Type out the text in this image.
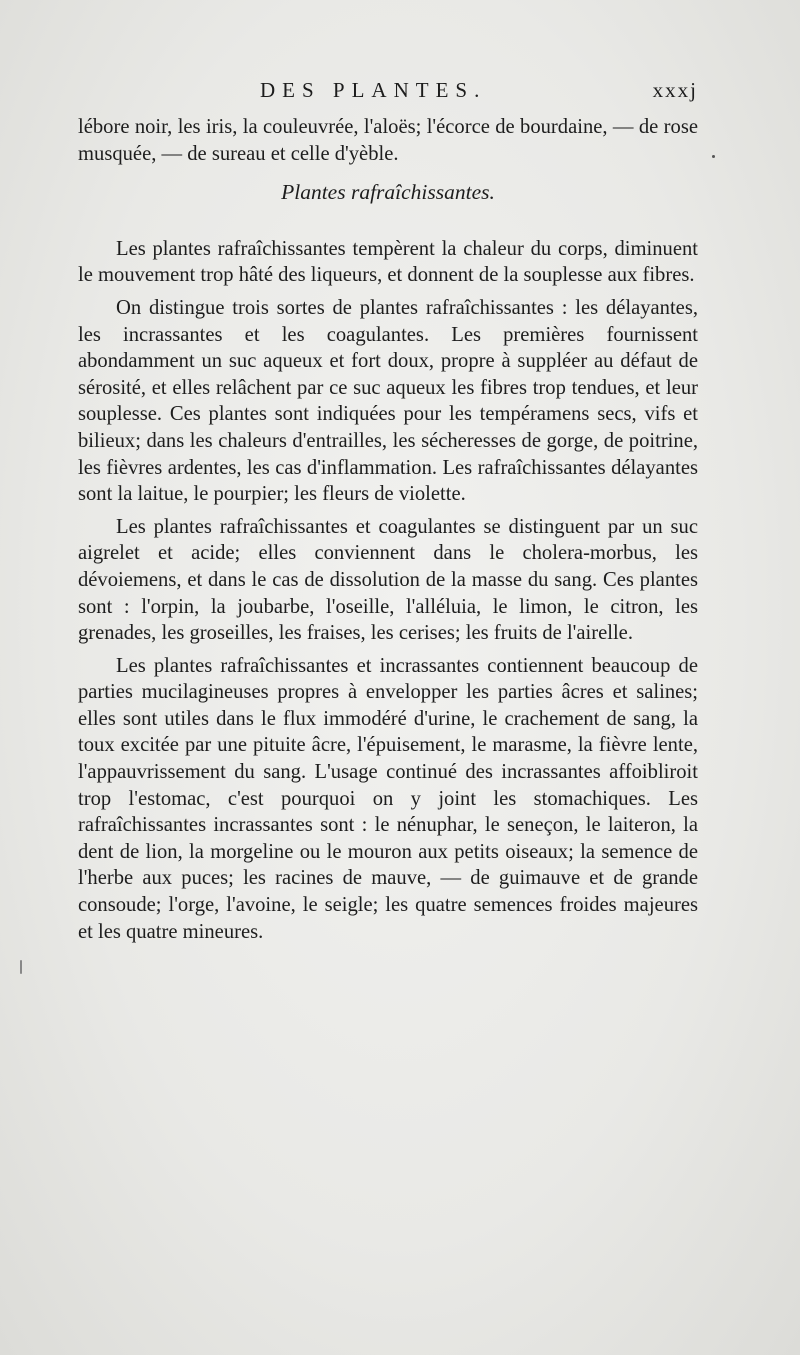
DES PLANTES.	xxxj

lébore noir, les iris, la couleuvrée, l'aloës; l'écorce de bourdaine, — de rose musquée, — de sureau et celle d'yèble.

Plantes rafraîchissantes.

Les plantes rafraîchissantes tempèrent la chaleur du corps, diminuent le mouvement trop hâté des liqueurs, et donnent de la souplesse aux fibres.

On distingue trois sortes de plantes rafraîchissantes : les délayantes, les incrassantes et les coagulantes. Les premières fournissent abondamment un suc aqueux et fort doux, propre à suppléer au défaut de sérosité, et elles relâchent par ce suc aqueux les fibres trop tendues, et leur souplesse. Ces plantes sont indiquées pour les tempéramens secs, vifs et bilieux; dans les chaleurs d'entrailles, les sécheresses de gorge, de poitrine, les fièvres ardentes, les cas d'inflammation. Les rafraîchissantes délayantes sont la laitue, le pourpier; les fleurs de violette.

Les plantes rafraîchissantes et coagulantes se distinguent par un suc aigrelet et acide; elles conviennent dans le cholera-morbus, les dévoiemens, et dans le cas de dissolution de la masse du sang. Ces plantes sont : l'orpin, la joubarbe, l'oseille, l'alléluia, le limon, le citron, les grenades, les groseilles, les fraises, les cerises; les fruits de l'airelle.

Les plantes rafraîchissantes et incrassantes contiennent beaucoup de parties mucilagineuses propres à envelopper les parties âcres et salines; elles sont utiles dans le flux immodéré d'urine, le crachement de sang, la toux excitée par une pituite âcre, l'épuisement, le marasme, la fièvre lente, l'appauvrissement du sang. L'usage continué des incrassantes affoibliroit trop l'estomac, c'est pourquoi on y joint les stomachiques. Les rafraîchissantes incrassantes sont : le nénuphar, le seneçon, le laiteron, la dent de lion, la morgeline ou le mouron aux petits oiseaux; la semence de l'herbe aux puces; les racines de mauve, — de guimauve et de grande consoude; l'orge, l'avoine, le seigle; les quatre semences froides majeures et les quatre mineures.
